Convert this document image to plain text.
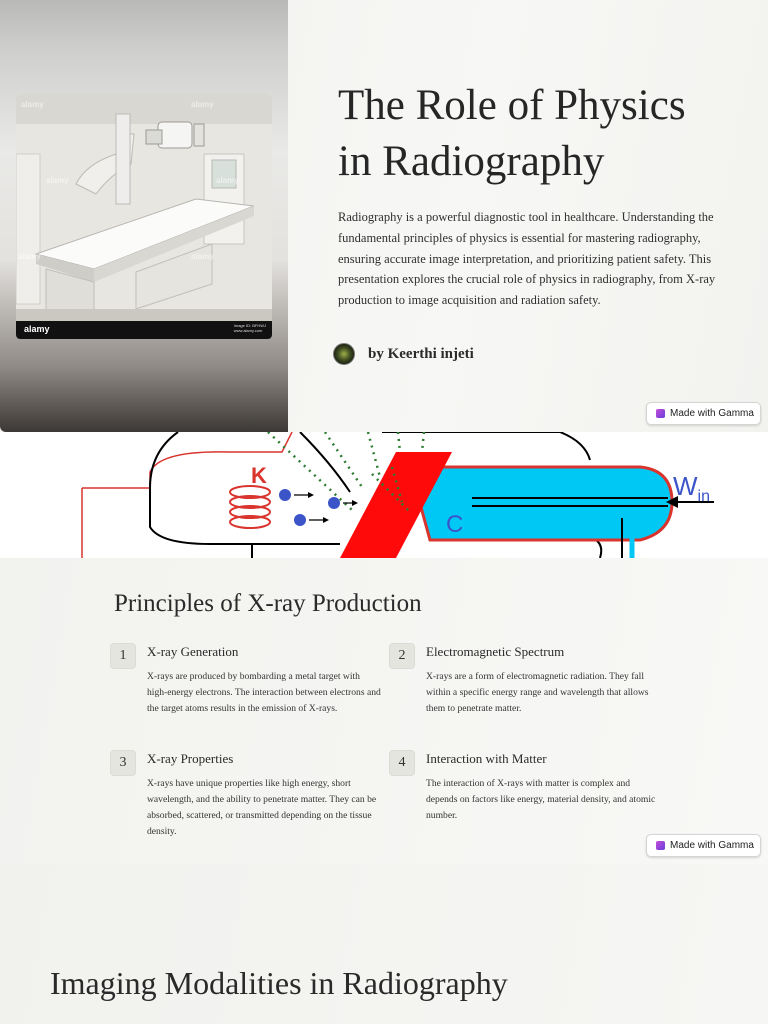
alamy	alamy
alamy	alamy
alamy	alamy
alamy	Image ID: BFHWJ
www.alamy.com
The Role of Physics
in Radiography

Radiography is a powerful diagnostic tool in healthcare. Understanding the fundamental principles of physics is essential for mastering radiography, ensuring accurate image interpretation, and prioritizing patient safety. This presentation explores the crucial role of physics in radiography, from X-ray production to image acquisition and radiation safety.

by Keerthi injeti
Made with Gamma
K
C
$W_{in}$
Principles of X-ray Production
1	X-ray Generation

X-rays are produced by bombarding a metal target with high-energy electrons. The interaction between electrons and the target atoms results in the emission of X-rays.

2	Electromagnetic Spectrum

X-rays are a form of electromagnetic radiation. They fall within a specific energy range and wavelength that allows them to penetrate matter.

3	X-ray Properties

X-rays have unique properties like high energy, short wavelength, and the ability to penetrate matter. They can be absorbed, scattered, or transmitted depending on the tissue density.

4	Interaction with Matter

The interaction of X-rays with matter is complex and depends on factors like energy, material density, and atomic number.

Made with Gamma
Imaging Modalities in Radiography
